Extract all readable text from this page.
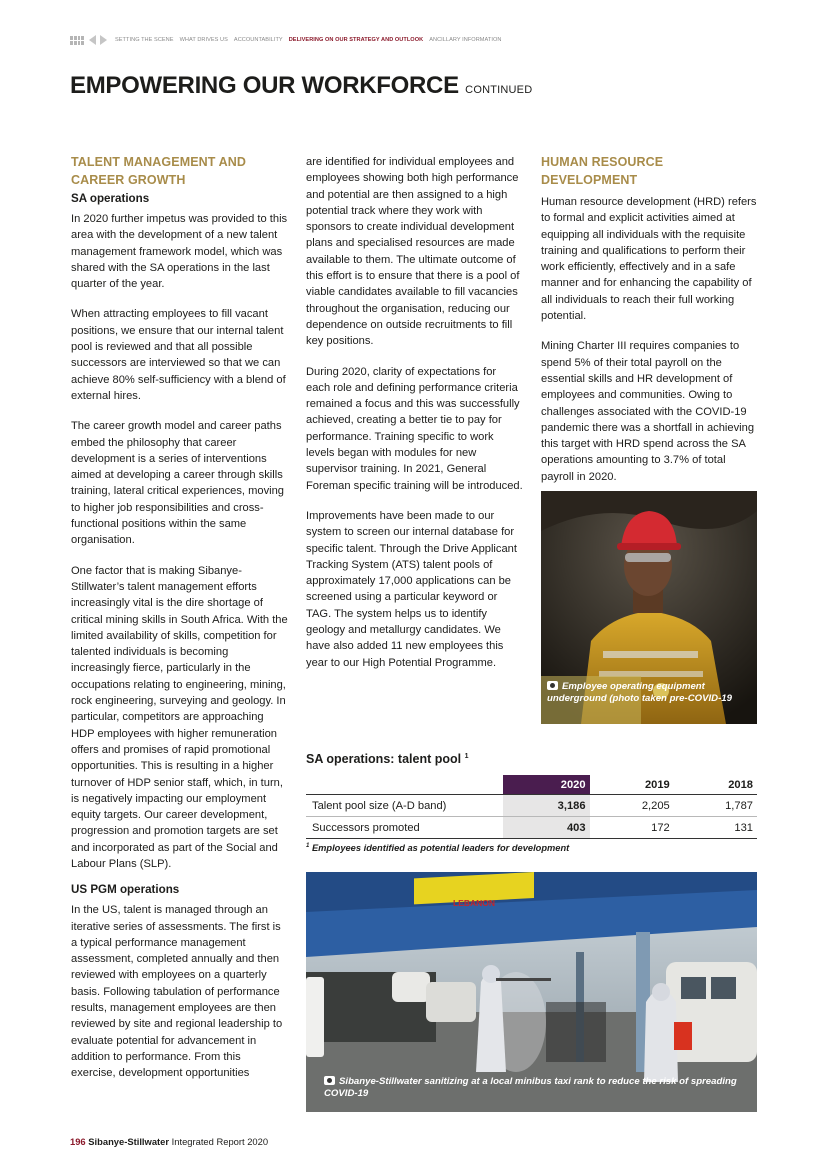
SETTING THE SCENE WHAT DRIVES US ACCOUNTABILITY DELIVERING ON OUR STRATEGY AND OUTLOOK ANCILLARY INFORMATION
EMPOWERING OUR WORKFORCE CONTINUED
TALENT MANAGEMENT AND CAREER GROWTH
SA operations

In 2020 further impetus was provided to this area with the development of a new talent management framework model, which was shared with the SA operations in the last quarter of the year.

When attracting employees to fill vacant positions, we ensure that our internal talent pool is reviewed and that all possible successors are interviewed so that we can achieve 80% self-sufficiency with a blend of external hires.

The career growth model and career paths embed the philosophy that career development is a series of interventions aimed at developing a career through skills training, lateral critical experiences, moving to higher job responsibilities and cross-functional positions within the same organisation.

One factor that is making Sibanye-Stillwater’s talent management efforts increasingly vital is the dire shortage of critical mining skills in South Africa. With the limited availability of skills, competition for talented individuals is becoming increasingly fierce, particularly in the occupations relating to engineering, mining, rock engineering, surveying and geology. In particular, competitors are approaching HDP employees with higher remuneration offers and promises of rapid promotional opportunities. This is resulting in a higher turnover of HDP senior staff, which, in turn, is negatively impacting our employment equity targets. Our career development, progression and promotion targets are set and incorporated as part of the Social and Labour Plans (SLP).

US PGM operations

In the US, talent is managed through an iterative series of assessments. The first is a typical performance management assessment, completed annually and then reviewed with employees on a quarterly basis. Following tabulation of performance results, management employees are then reviewed by site and regional leadership to evaluate potential for advancement in addition to performance. From this exercise, development opportunities

are identified for individual employees and employees showing both high performance and potential are then assigned to a high potential track where they work with sponsors to create individual development plans and specialised resources are made available to them. The ultimate outcome of this effort is to ensure that there is a pool of viable candidates available to fill vacancies throughout the organisation, reducing our dependence on outside recruitments to fill key positions.

During 2020, clarity of expectations for each role and defining performance criteria remained a focus and this was successfully achieved, creating a better tie to pay for performance. Training specific to work levels began with modules for new supervisor training. In 2021, General Foreman specific training will be introduced.

Improvements have been made to our system to screen our internal database for specific talent. Through the Drive Applicant Tracking System (ATS) talent pools of approximately 17,000 applications can be screened using a particular keyword or TAG. The system helps us to identify geology and metallurgy candidates. We have also added 11 new employees this year to our High Potential Programme.

HUMAN RESOURCE DEVELOPMENT

Human resource development (HRD) refers to formal and explicit activities aimed at equipping all individuals with the requisite training and qualifications to perform their work efficiently, effectively and in a safe manner and for enhancing the capability of all individuals to reach their full working potential.

Mining Charter III requires companies to spend 5% of their total payroll on the essential skills and HR development of employees and communities. Owing to challenges associated with the COVID-19 pandemic there was a shortfall in achieving this target with HRD spend across the SA operations amounting to 3.7% of total payroll in 2020.

Employee operating equipment underground (photo taken pre-COVID-19
SA operations: talent pool $^1$
	2020	2019	2018
Talent pool size (A-D band)	3,186	2,205	1,787
Successors promoted	403	172	131
$^1$ Employees identified as potential leaders for development
LEBANON
Sibanye-Stillwater sanitizing at a local minibus taxi rank to reduce the risk of spreading COVID-19
196 Sibanye-Stillwater Integrated Report 2020
